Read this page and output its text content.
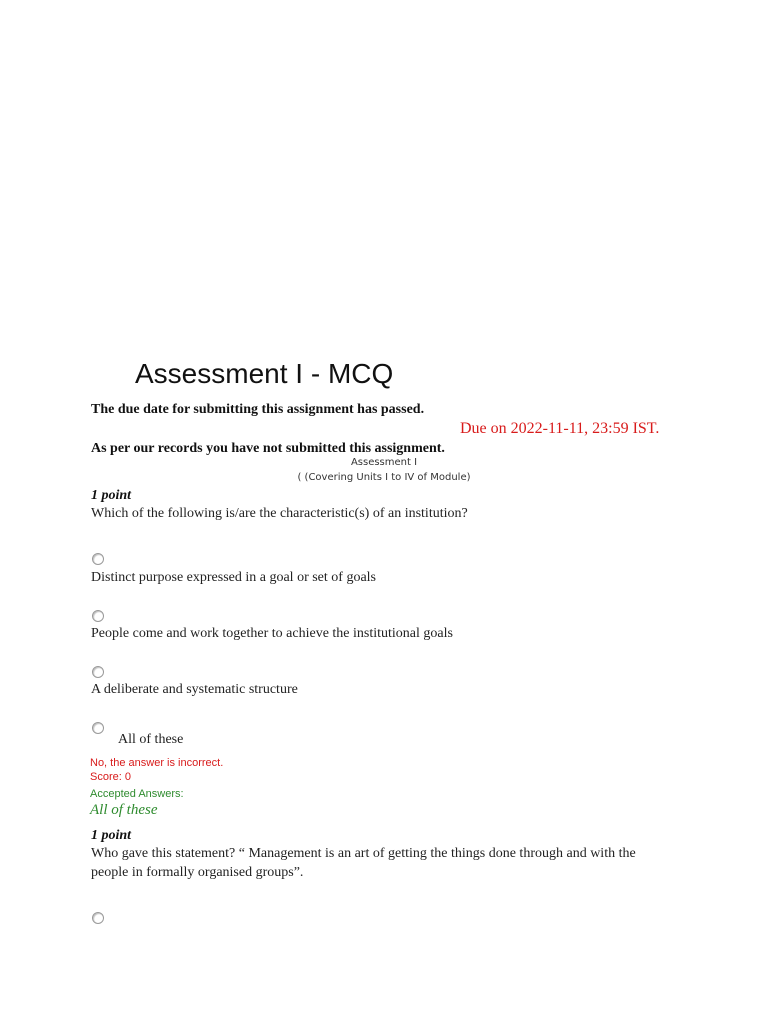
Assessment I - MCQ
The due date for submitting this assignment has passed.
Due on 2022-11-11, 23:59 IST.
As per our records you have not submitted this assignment.
Assessment I
( (Covering Units I to IV of Module)
1 point
Which of the following is/are the characteristic(s) of an institution?
Distinct purpose expressed in a goal or set of goals
People come and work together to achieve the institutional goals
A deliberate and systematic structure
All of these
No, the answer is incorrect.
Score: 0
Accepted Answers:
All of these
1 point
Who gave this statement? “ Management is an art of getting the things done through and with the
people in formally organised groups”.
